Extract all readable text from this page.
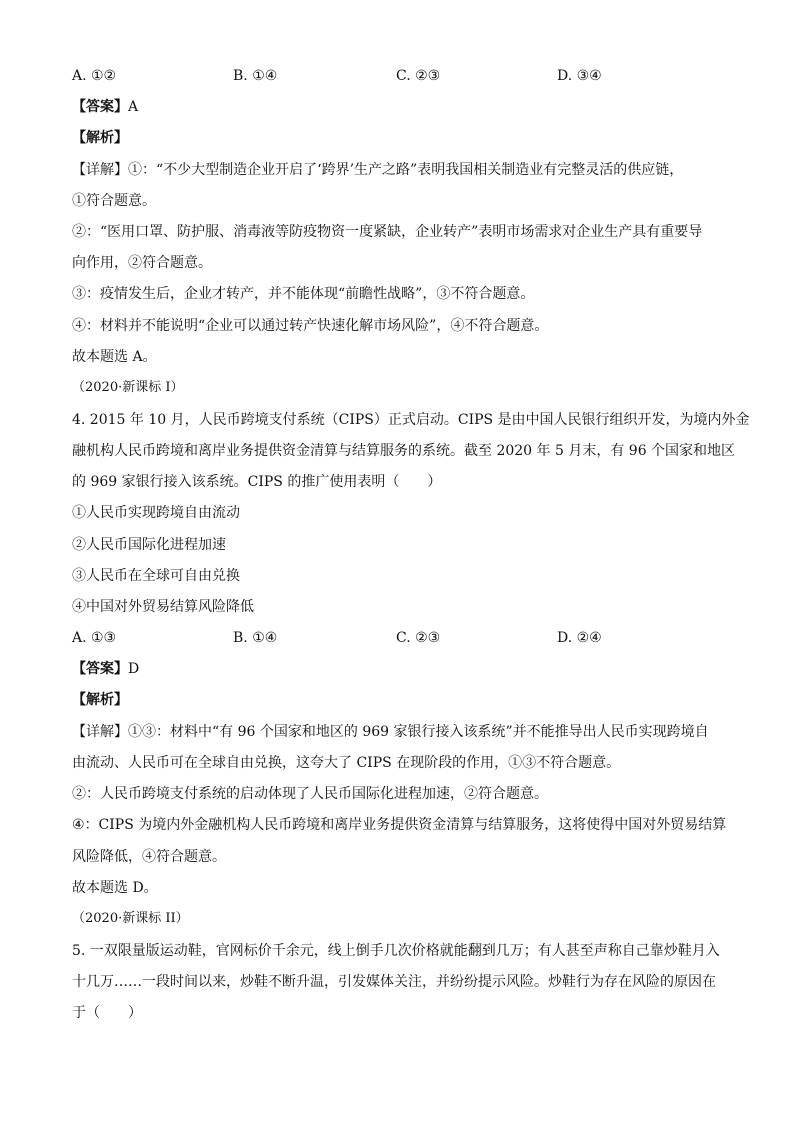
A. ①②	B. ①④	C. ②③	D. ③④
【答案】A
【解析】
【详解】①：“不少大型制造企业开启了‘跨界’生产之路”表明我国相关制造业有完整灵活的供应链，
①符合题意。
②：“医用口罩、防护服、消毒液等防疫物资一度紧缺，企业转产”表明市场需求对企业生产具有重要导
向作用，②符合题意。
③：疫情发生后，企业才转产，并不能体现“前瞻性战略”，③不符合题意。
④：材料并不能说明“企业可以通过转产快速化解市场风险”，④不符合题意。
故本题选 A。
（2020·新课标 I）
4. 2015 年 10 月，人民币跨境支付系统（CIPS）正式启动。CIPS 是由中国人民银行组织开发，为境内外金
融机构人民币跨境和离岸业务提供资金清算与结算服务的系统。截至 2020 年 5 月末，有 96 个国家和地区
的 969 家银行接入该系统。CIPS 的推广使用表明（　　）
①人民币实现跨境自由流动
②人民币国际化进程加速
③人民币在全球可自由兑换
④中国对外贸易结算风险降低
A. ①③	B. ①④	C. ②③	D. ②④
【答案】D
【解析】
【详解】①③：材料中“有 96 个国家和地区的 969 家银行接入该系统”并不能推导出人民币实现跨境自
由流动、人民币可在全球自由兑换，这夸大了 CIPS 在现阶段的作用，①③不符合题意。
②：人民币跨境支付系统的启动体现了人民币国际化进程加速，②符合题意。
④：CIPS 为境内外金融机构人民币跨境和离岸业务提供资金清算与结算服务，这将使得中国对外贸易结算
风险降低，④符合题意。
故本题选 D。
（2020·新课标 II）
5. 一双限量版运动鞋，官网标价千余元，线上倒手几次价格就能翻到几万；有人甚至声称自己靠炒鞋月入
十几万……一段时间以来，炒鞋不断升温，引发媒体关注，并纷纷提示风险。炒鞋行为存在风险的原因在
于（　　）
